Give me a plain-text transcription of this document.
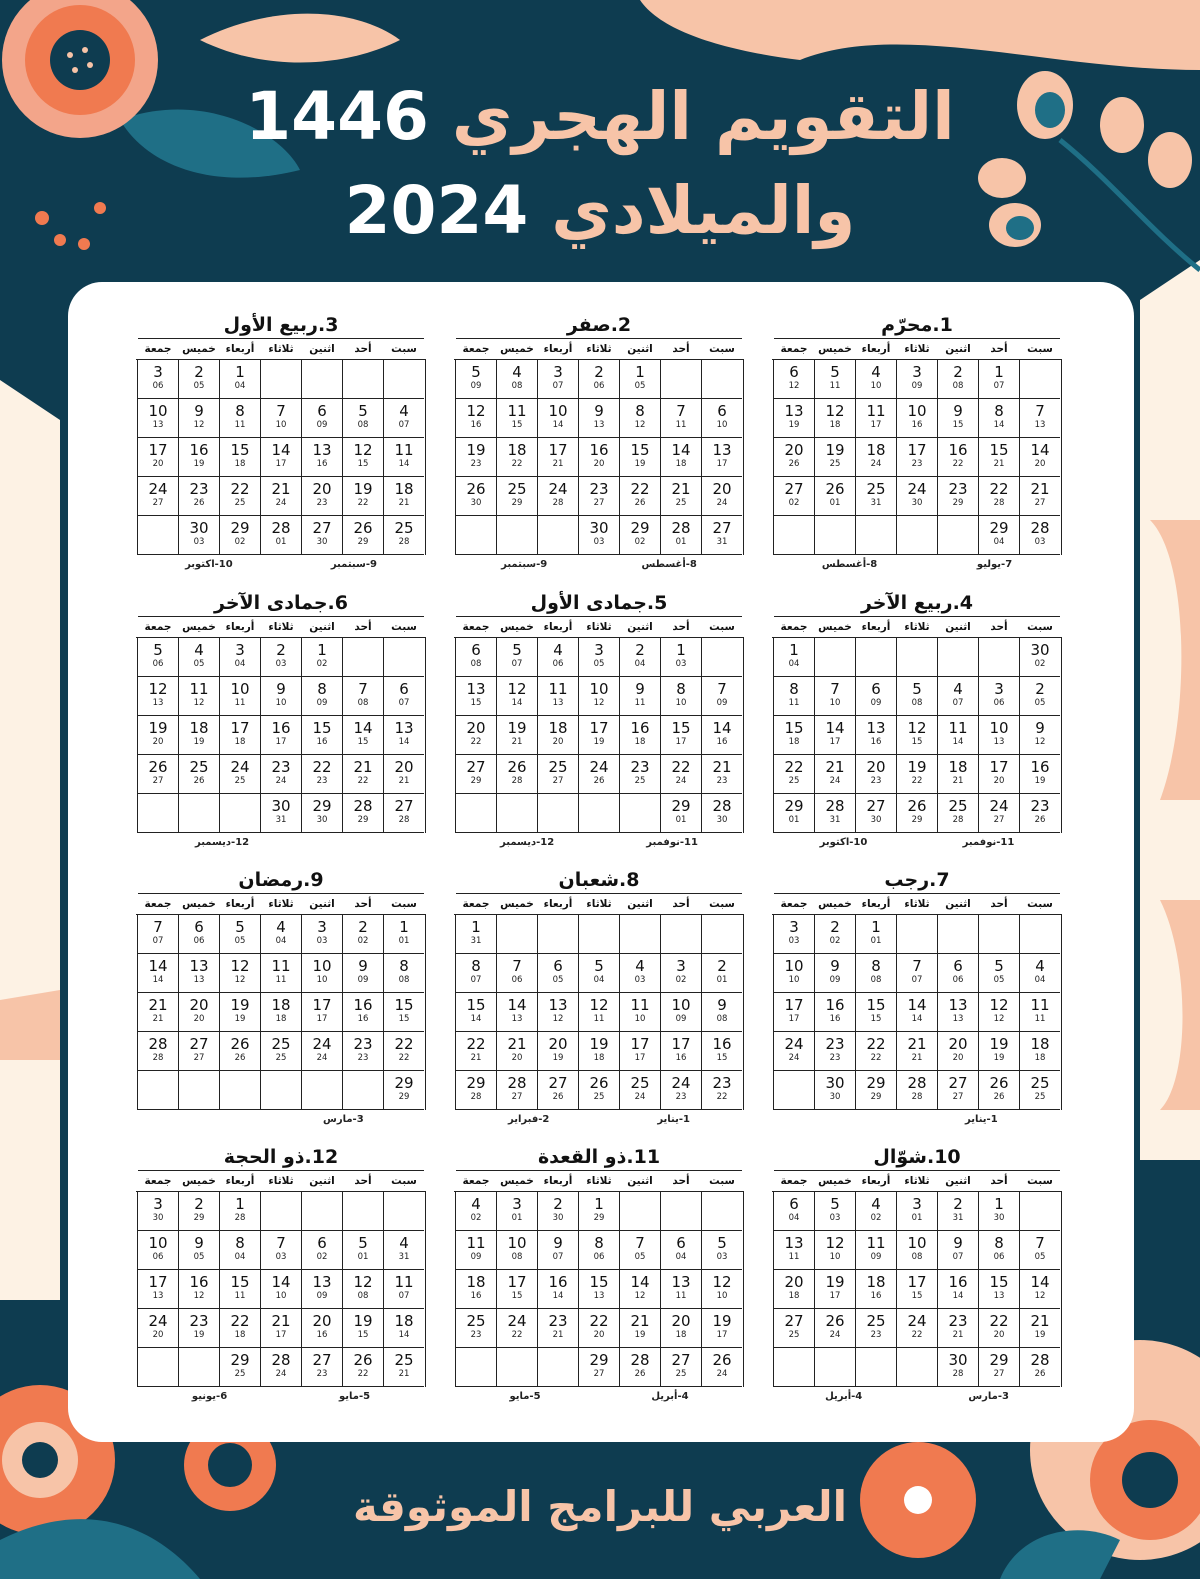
التقويم الهجري 1446
والميلادي 2024
1.محرّم
سبت
أحد
اثنين
ثلاثاء
أربعاء
خميس
جمعة
1
07
2
08
3
09
4
10
5
11
6
12
7
13
8
14
9
15
10
16
11
17
12
18
13
19
14
20
15
21
16
22
17
23
18
24
19
25
20
26
21
27
22
28
23
29
24
30
25
31
26
01
27
02
28
03
29
04
7-يوليو
8-أغسطس
2.صفر
سبت
أحد
اثنين
ثلاثاء
أربعاء
خميس
جمعة
1
05
2
06
3
07
4
08
5
09
6
10
7
11
8
12
9
13
10
14
11
15
12
16
13
17
14
18
15
19
16
20
17
21
18
22
19
23
20
24
21
25
22
26
23
27
24
28
25
29
26
30
27
31
28
01
29
02
30
03
8-أغسطس
9-سبتمبر
3.ربيع الأول
سبت
أحد
اثنين
ثلاثاء
أربعاء
خميس
جمعة
1
04
2
05
3
06
4
07
5
08
6
09
7
10
8
11
9
12
10
13
11
14
12
15
13
16
14
17
15
18
16
19
17
20
18
21
19
22
20
23
21
24
22
25
23
26
24
27
25
28
26
29
27
30
28
01
29
02
30
03
9-سبتمبر
10-اكتوبر
4.ربيع الآخر
سبت
أحد
اثنين
ثلاثاء
أربعاء
خميس
جمعة
30
02
1
04
2
05
3
06
4
07
5
08
6
09
7
10
8
11
9
12
10
13
11
14
12
15
13
16
14
17
15
18
16
19
17
20
18
21
19
22
20
23
21
24
22
25
23
26
24
27
25
28
26
29
27
30
28
31
29
01
11-نوفمبر
10-اكتوبر
5.جمادى الأول
سبت
أحد
اثنين
ثلاثاء
أربعاء
خميس
جمعة
1
03
2
04
3
05
4
06
5
07
6
08
7
09
8
10
9
11
10
12
11
13
12
14
13
15
14
16
15
17
16
18
17
19
18
20
19
21
20
22
21
23
22
24
23
25
24
26
25
27
26
28
27
29
28
30
29
01
11-نوفمبر
12-ديسمبر
6.جمادى الآخر
سبت
أحد
اثنين
ثلاثاء
أربعاء
خميس
جمعة
1
02
2
03
3
04
4
05
5
06
6
07
7
08
8
09
9
10
10
11
11
12
12
13
13
14
14
15
15
16
16
17
17
18
18
19
19
20
20
21
21
22
22
23
23
24
24
25
25
26
26
27
27
28
28
29
29
30
30
31
12-ديسمبر
7.رجب
سبت
أحد
اثنين
ثلاثاء
أربعاء
خميس
جمعة
1
01
2
02
3
03
4
04
5
05
6
06
7
07
8
08
9
09
10
10
11
11
12
12
13
13
14
14
15
15
16
16
17
17
18
18
19
19
20
20
21
21
22
22
23
23
24
24
25
25
26
26
27
27
28
28
29
29
30
30
1-يناير
8.شعبان
سبت
أحد
اثنين
ثلاثاء
أربعاء
خميس
جمعة
1
31
2
01
3
02
4
03
5
04
6
05
7
06
8
07
9
08
10
09
11
10
12
11
13
12
14
13
15
14
16
15
17
16
17
17
19
18
20
19
21
20
22
21
23
22
24
23
25
24
26
25
27
26
28
27
29
28
1-يناير
2-فبراير
9.رمضان
سبت
أحد
اثنين
ثلاثاء
أربعاء
خميس
جمعة
1
01
2
02
3
03
4
04
5
05
6
06
7
07
8
08
9
09
10
10
11
11
12
12
13
13
14
14
15
15
16
16
17
17
18
18
19
19
20
20
21
21
22
22
23
23
24
24
25
25
26
26
27
27
28
28
29
29
3-مارس
10.شوّال
سبت
أحد
اثنين
ثلاثاء
أربعاء
خميس
جمعة
1
30
2
31
3
01
4
02
5
03
6
04
7
05
8
06
9
07
10
08
11
09
12
10
13
11
14
12
15
13
16
14
17
15
18
16
19
17
20
18
21
19
22
20
23
21
24
22
25
23
26
24
27
25
28
26
29
27
30
28
3-مارس
4-أبريل
11.ذو القعدة
سبت
أحد
اثنين
ثلاثاء
أربعاء
خميس
جمعة
1
29
2
30
3
01
4
02
5
03
6
04
7
05
8
06
9
07
10
08
11
09
12
10
13
11
14
12
15
13
16
14
17
15
18
16
19
17
20
18
21
19
22
20
23
21
24
22
25
23
26
24
27
25
28
26
29
27
4-أبريل
5-مايو
12.ذو الحجة
سبت
أحد
اثنين
ثلاثاء
أربعاء
خميس
جمعة
1
28
2
29
3
30
4
31
5
01
6
02
7
03
8
04
9
05
10
06
11
07
12
08
13
09
14
10
15
11
16
12
17
13
18
14
19
15
20
16
21
17
22
18
23
19
24
20
25
21
26
22
27
23
28
24
29
25
5-مايو
6-يونيو
العربي للبرامج الموثوقة
